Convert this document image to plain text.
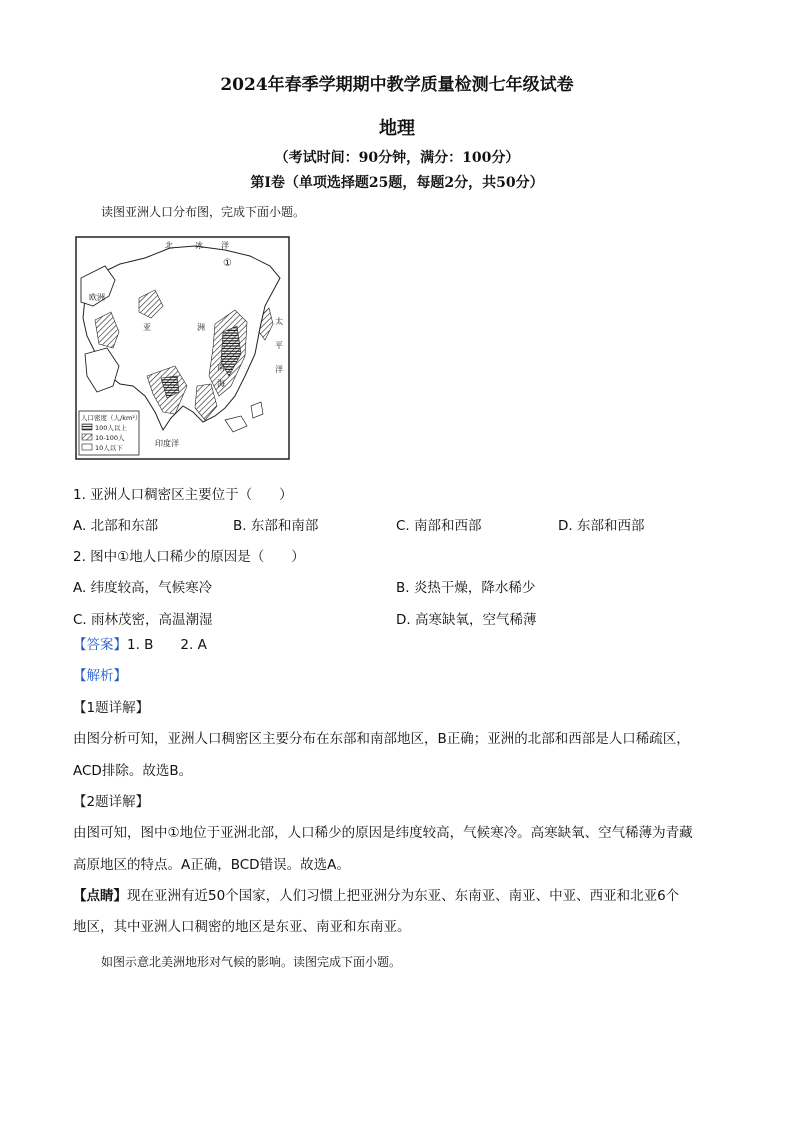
2024年春季学期期中教学质量检测七年级试卷
地理
（考试时间：90分钟，满分：100分）
第Ⅰ卷（单项选择题25题，每题2分，共50分）
读图亚洲人口分布图，完成下面小题。
北	冰 洋
①
欧洲
亚	洲
太
平
洋
南
海
印度洋
人口密度（人/km²）
100人以上
10-100人
10人以下
1. 亚洲人口稠密区主要位于（　　）
A. 北部和东部	B. 东部和南部	C. 南部和西部	D. 东部和西部
2. 图中①地人口稀少的原因是（　　）
A. 纬度较高，气候寒冷	B. 炎热干燥，降水稀少
C. 雨林茂密，高温潮湿	D. 高寒缺氧，空气稀薄
【答案】1. B　　2. A
【解析】
【1题详解】
由图分析可知，亚洲人口稠密区主要分布在东部和南部地区，B正确；亚洲的北部和西部是人口稀疏区，
ACD排除。故选B。
【2题详解】
由图可知，图中①地位于亚洲北部，人口稀少的原因是纬度较高，气候寒冷。高寒缺氧、空气稀薄为青藏
高原地区的特点。A正确，BCD错误。故选A。
【点睛】现在亚洲有近50个国家，人们习惯上把亚洲分为东亚、东南亚、南亚、中亚、西亚和北亚6个
地区，其中亚洲人口稠密的地区是东亚、南亚和东南亚。
如图示意北美洲地形对气候的影响。读图完成下面小题。
